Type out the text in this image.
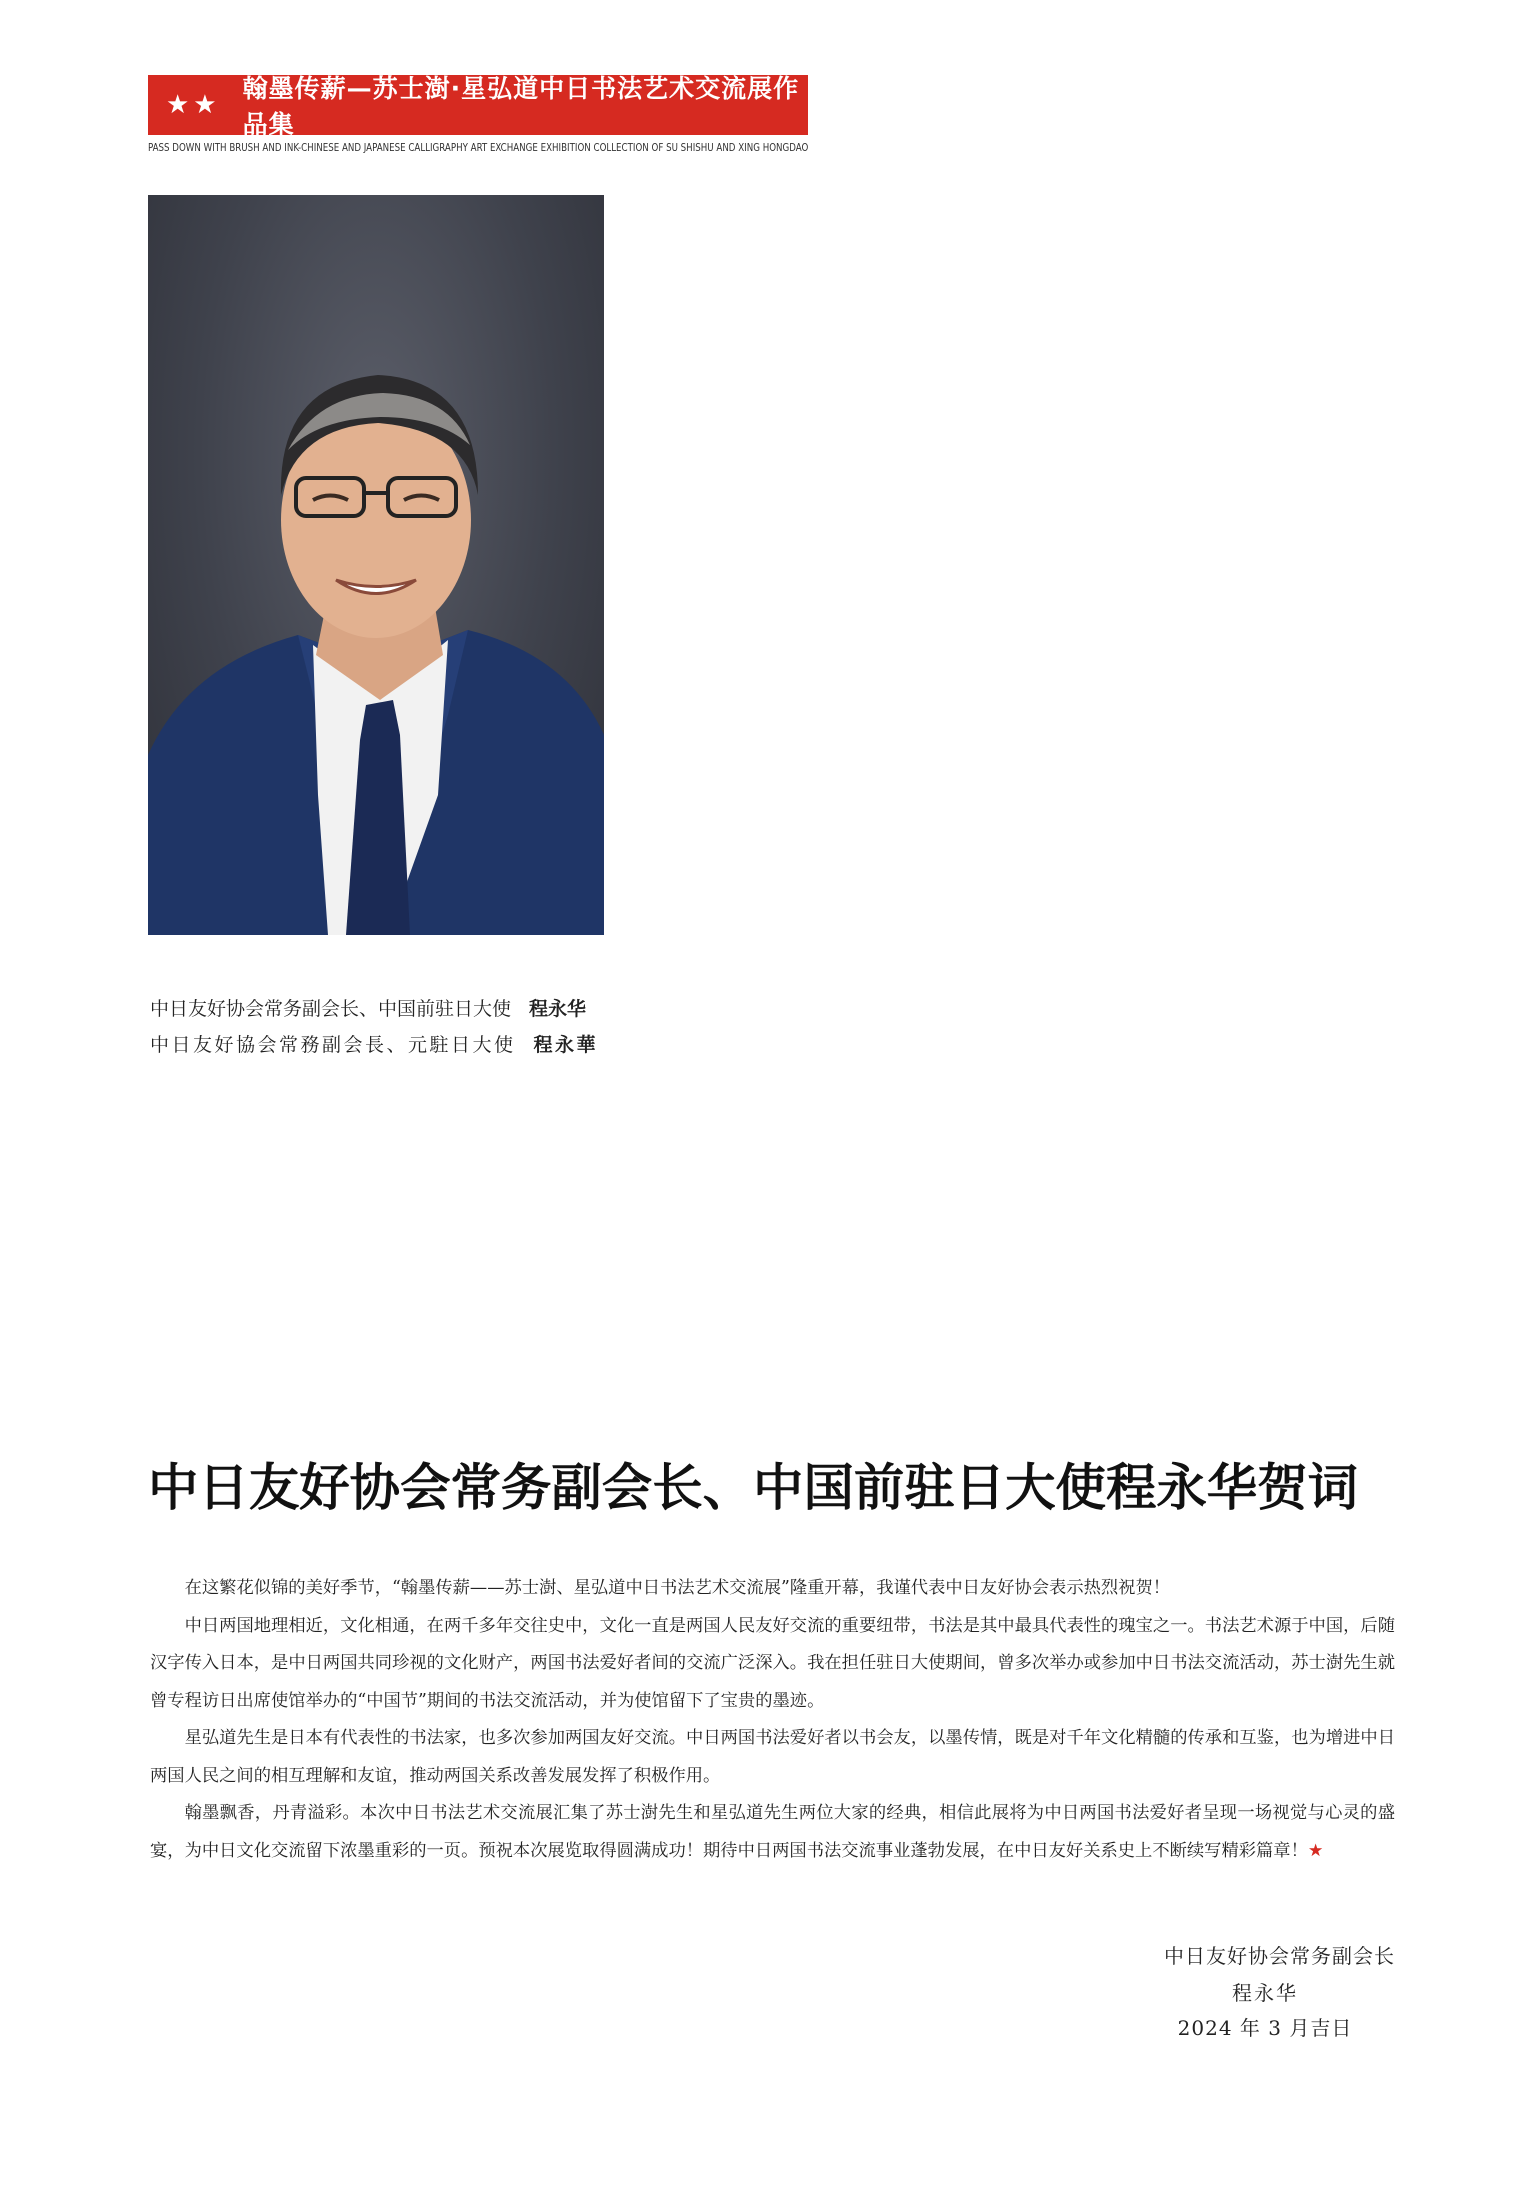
★★
翰墨传薪—苏士澍·星弘道中日书法艺术交流展作品集
PASS DOWN WITH BRUSH AND INK-CHINESE AND JAPANESE CALLIGRAPHY ART EXCHANGE EXHIBITION COLLECTION OF SU SHISHU AND XING HONGDAO
中日友好协会常务副会长、中国前驻日大使 程永华
中日友好協会常務副会長、元駐日大使 程永華
中日友好协会常务副会长、中国前驻日大使程永华贺词

在这繁花似锦的美好季节，“翰墨传薪——苏士澍、星弘道中日书法艺术交流展”隆重开幕，我谨代表中日友好协会表示热烈祝贺！

中日两国地理相近，文化相通，在两千多年交往史中，文化一直是两国人民友好交流的重要纽带，书法是其中最具代表性的瑰宝之一。书法艺术源于中国，后随汉字传入日本，是中日两国共同珍视的文化财产，两国书法爱好者间的交流广泛深入。我在担任驻日大使期间，曾多次举办或参加中日书法交流活动，苏士澍先生就曾专程访日出席使馆举办的“中国节”期间的书法交流活动，并为使馆留下了宝贵的墨迹。

星弘道先生是日本有代表性的书法家，也多次参加两国友好交流。中日两国书法爱好者以书会友，以墨传情，既是对千年文化精髓的传承和互鉴，也为增进中日两国人民之间的相互理解和友谊，推动两国关系改善发展发挥了积极作用。

翰墨飘香，丹青溢彩。本次中日书法艺术交流展汇集了苏士澍先生和星弘道先生两位大家的经典，相信此展将为中日两国书法爱好者呈现一场视觉与心灵的盛宴，为中日文化交流留下浓墨重彩的一页。预祝本次展览取得圆满成功！期待中日两国书法交流事业蓬勃发展，在中日友好关系史上不断续写精彩篇章！★

中日友好协会常务副会长
程永华
2024 年 3 月吉日
